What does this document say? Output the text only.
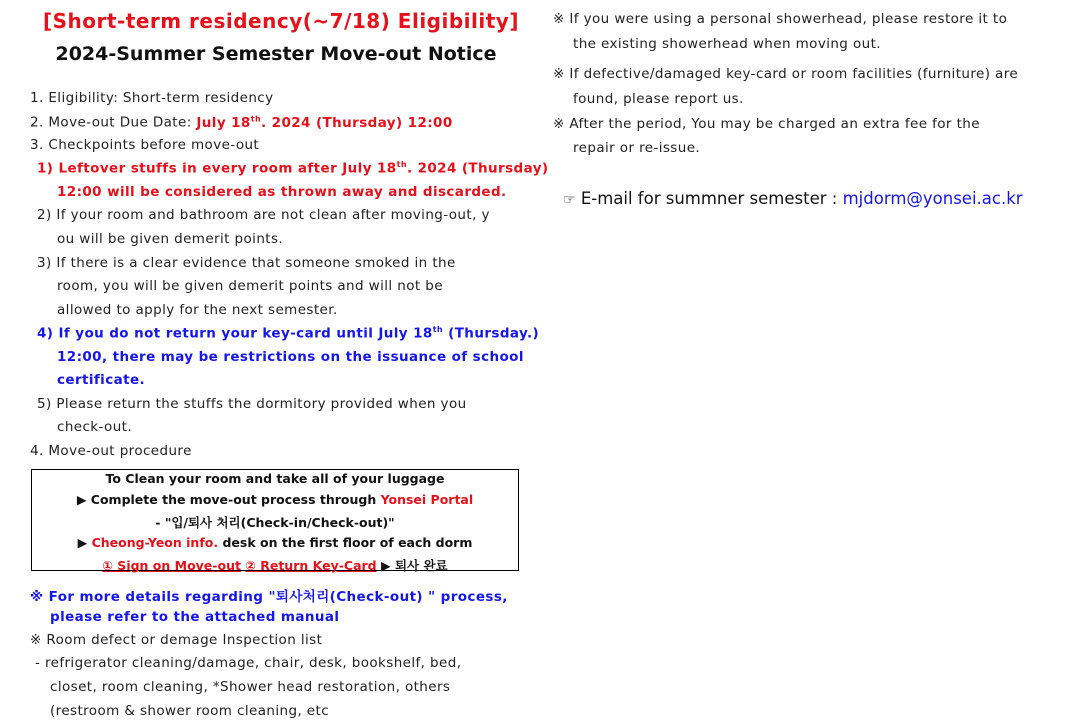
[Short-term residency(~7/18) Eligibility]
2024-Summer Semester Move-out Notice
1. Eligibility: Short-term residency
2. Move-out Due Date: July 18th. 2024 (Thursday) 12:00
3. Checkpoints before move-out
1) Leftover stuffs in every room after July 18th. 2024 (Thursday)
12:00 will be considered as thrown away and discarded.
2) If your room and bathroom are not clean after moving-out, y
ou will be given demerit points.
3) If there is a clear evidence that someone smoked in the
room, you will be given demerit points and will not be
allowed to apply for the next semester.
4) If you do not return your key-card until July 18th (Thursday.)
12:00, there may be restrictions on the issuance of school
certificate.
5) Please return the stuffs the dormitory provided when you
check-out.
4. Move-out procedure
To Clean your room and take all of your luggage
▶ Complete the move-out process through Yonsei Portal
- "입/퇴사 처리(Check-in/Check-out)"
▶ Cheong-Yeon info. desk on the first floor of each dorm
① Sign on Move-out ② Return Key-Card ▶ 퇴사 완료
※ For more details regarding "퇴사처리(Check-out) " process,
please refer to the attached manual
※ Room defect or demage Inspection list
- refrigerator cleaning/damage, chair, desk, bookshelf, bed,
closet, room cleaning, *Shower head restoration, others
(restroom & shower room cleaning, etc
※ If you were using a personal showerhead, please restore it to
the existing showerhead when moving out.
※ If defective/damaged key-card or room facilities (furniture) are
found, please report us.
※ After the period, You may be charged an extra fee for the
repair or re-issue.
☞ E-mail for summner semester : mjdorm@yonsei.ac.kr
